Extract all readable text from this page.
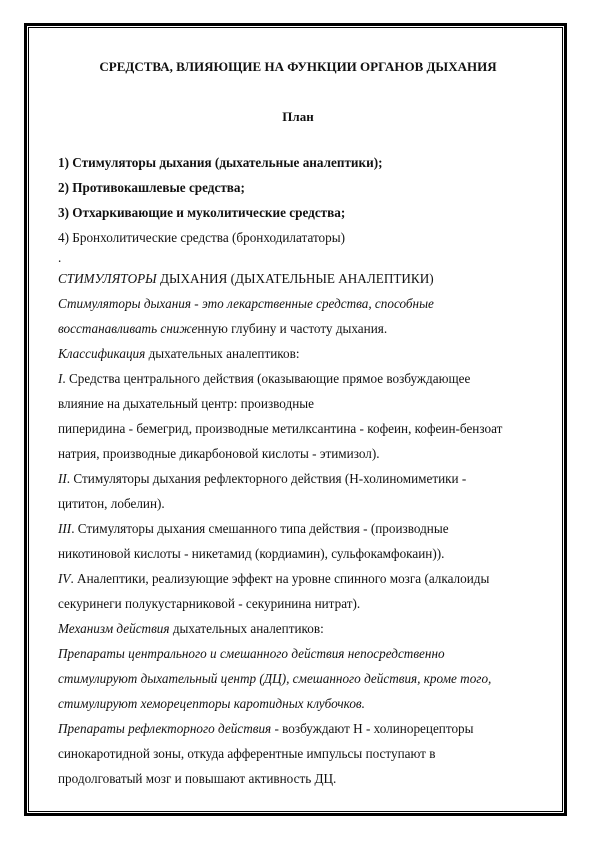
СРЕДСТВА, ВЛИЯЮЩИЕ НА ФУНКЦИИ ОРГАНОВ ДЫХАНИЯ
План
1) Стимуляторы дыхания (дыхательные аналептики);
2) Противокашлевые средства;
3) Отхаркивающие и муколитические средства;
4) Бронхолитические средства (бронходилататоры)
.
СТИМУЛЯТОРЫ ДЫХАНИЯ (ДЫХАТЕЛЬНЫЕ АНАЛЕПТИКИ)
Стимуляторы дыхания - это лекарственные средства, способные
восстанавливать сниженную глубину и частоту дыхания.
Классификация дыхательных аналептиков:
I. Средства центрального действия (оказывающие прямое возбуждающее
влияние на дыхательный центр: производные
пиперидина - бемегрид, производные метилксантина - кофеин, кофеин-бензоат
натрия, производные дикарбоновой кислоты - этимизол).
II. Стимуляторы дыхания рефлекторного действия (Н-холиномиметики -
цититон, лобелин).
III. Стимуляторы дыхания смешанного типа действия - (производные
никотиновой кислоты - никетамид (кордиамин), сульфокамфокаин)).
IV. Аналептики, реализующие эффект на уровне спинного мозга (алкалоиды
секуринеги полукустарниковой - секуринина нитрат).
Механизм действия дыхательных аналептиков:
Препараты центрального и смешанного действия непосредственно
стимулируют дыхательный центр (ДЦ), смешанного действия, кроме того,
стимулируют хеморецепторы каротидных клубочков.
Препараты рефлекторного действия - возбуждают Н - холинорецепторы
синокаротидной зоны, откуда афферентные импульсы поступают в
продолговатый мозг и повышают активность ДЦ.
